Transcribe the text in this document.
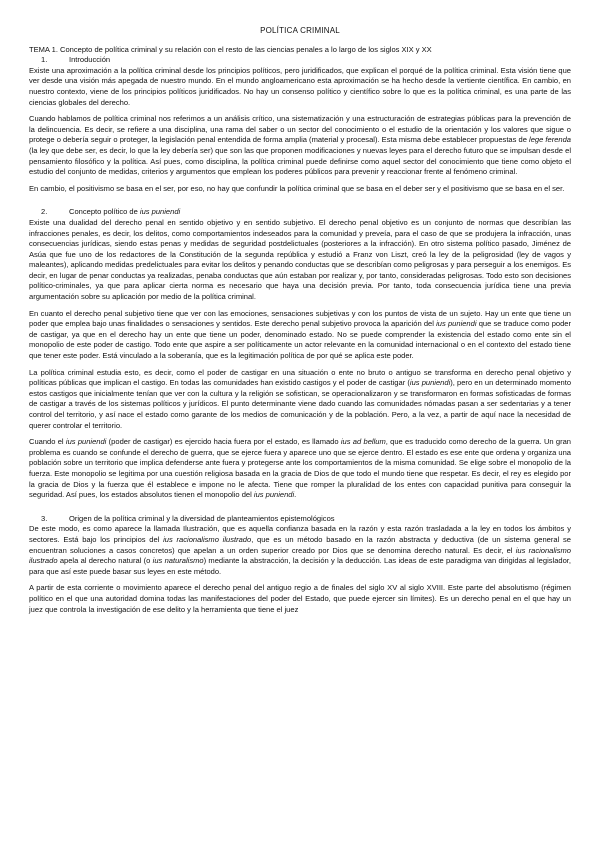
POLÍTICA CRIMINAL
TEMA 1. Concepto de política criminal y su relación con el resto de las ciencias penales a lo largo de los siglos XIX y XX
1.	Introducción

Existe una aproximación a la política criminal desde los principios políticos, pero juridificados, que explican el porqué de la política criminal. Esta visión tiene que ver desde una visión más apegada de nuestro mundo. En el mundo angloamericano esta aproximación se ha hecho desde la vertiente científica. En cambio, en nuestro contexto, viene de los principios políticos juridificados. No hay un consenso político y científico sobre lo que es la política criminal, es una parte de las ciencias globales del derecho.

Cuando hablamos de política criminal nos referimos a un análisis crítico, una sistematización y una estructuración de estrategias públicas para la prevención de la delincuencia. Es decir, se refiere a una disciplina, una rama del saber o un sector del conocimiento o el estudio de la orientación y los valores que sigue o protege o debería seguir o proteger, la legislación penal entendida de forma amplia (material y procesal). Esta misma debe establecer propuestas de lege ferenda (la ley que debe ser, es decir, lo que la ley debería ser) que son las que proponen modificaciones y nuevas leyes para el derecho futuro que se impulsan desde el pensamiento filosófico y la política. Así pues, como disciplina, la política criminal puede definirse como aquel sector del conocimiento que tiene como objeto el estudio del conjunto de medidas, criterios y argumentos que emplean los poderes públicos para prevenir y reaccionar frente al fenómeno criminal.

En cambio, el positivismo se basa en el ser, por eso, no hay que confundir la política criminal que se basa en el deber ser y el positivismo que se basa en el ser.

2.	Concepto político de ius puniendi

Existe una dualidad del derecho penal en sentido objetivo y en sentido subjetivo. El derecho penal objetivo es un conjunto de normas que describían las infracciones penales, es decir, los delitos, como comportamientos indeseados para la comunidad y preveía, para el caso de que se produjera la infracción, unas consecuencias jurídicas, siendo estas penas y medidas de seguridad postdelictuales (posteriores a la infracción). En otro sistema político pasado, Jiménez de Asúa que fue uno de los redactores de la Constitución de la segunda república y estudió a Franz von Liszt, creó la ley de la peligrosidad (ley de vagos y maleantes), aplicando medidas predelictuales para evitar los delitos y penando conductas que se describían como peligrosas y para perseguir a los enemigos. Es decir, en lugar de penar conductas ya realizadas, penaba conductas que aún estaban por realizar y, por tanto, consideradas peligrosas. Todo esto son decisiones político-criminales, ya que para aplicar cierta norma es necesario que haya una decisión previa. Por tanto, toda consecuencia jurídica tiene una previa argumentación sobre su aplicación por medio de la política criminal.

En cuanto el derecho penal subjetivo tiene que ver con las emociones, sensaciones subjetivas y con los puntos de vista de un sujeto. Hay un ente que tiene un poder que emplea bajo unas finalidades o sensaciones y sentidos. Este derecho penal subjetivo provoca la aparición del ius puniendi que se traduce como poder de castigar, ya que en el derecho hay un ente que tiene un poder, denominado estado. No se puede comprender la existencia del estado como ente sin el monopolio de este poder de castigo. Todo ente que aspire a ser políticamente un actor relevante en la comunidad internacional o en el contexto del estado tiene que tener este poder. Está vinculado a la soberanía, que es la legitimación política de por qué se aplica este poder.

La política criminal estudia esto, es decir, como el poder de castigar en una situación o ente no bruto o antiguo se transforma en derecho penal objetivo y políticas públicas que implican el castigo. En todas las comunidades han existido castigos y el poder de castigar (ius puniendi), pero en un determinado momento estos castigos que inicialmente tenían que ver con la cultura y la religión se sofistican, se operacionalizaron y se transformaron en formas sofisticadas de formas de castigar a través de los sistemas políticos y jurídicos. El punto determinante viene dado cuando las comunidades nómadas pasan a ser sedentarias y a tener control del territorio, y así nace el estado como garante de los medios de comunicación y de la población. Pero, a la vez, a partir de aquí nace la necesidad de querer controlar el territorio.

Cuando el ius puniendi (poder de castigar) es ejercido hacia fuera por el estado, es llamado ius ad bellum, que es traducido como derecho de la guerra. Un gran problema es cuando se confunde el derecho de guerra, que se ejerce fuera y aparece uno que se ejerce dentro. El estado es ese ente que ordena y organiza una población sobre un territorio que implica defenderse ante fuera y protegerse ante los comportamientos de la misma comunidad. Se elige sobre el monopolio de la fuerza. Este monopolio se legitima por una cuestión religiosa basada en la gracia de Dios de que todo el mundo tiene que respetar. Es decir, el rey es elegido por la gracia de Dios y la fuerza que él establece e impone no le afecta. Tiene que romper la pluralidad de los entes con capacidad punitiva para conseguir la seguridad. Así pues, los estados absolutos tienen el monopolio del ius puniendi.

3.	Origen de la política criminal y la diversidad de planteamientos epistemológicos

De este modo, es como aparece la llamada Ilustración, que es aquella confianza basada en la razón y esta razón trasladada a la ley en todos los ámbitos y sectores. Está bajo los principios del ius racionalismo ilustrado, que es un método basado en la razón abstracta y deductiva (de un sistema general se encuentran soluciones a casos concretos) que apelan a un orden superior creado por Dios que se denomina derecho natural. Es decir, el ius racionalismo ilustrado apela al derecho natural (o ius naturalismo) mediante la abstracción, la decisión y la deducción. Las ideas de este paradigma van dirigidas al legislador, para que así este puede basar sus leyes en este método.

A partir de esta corriente o movimiento aparece el derecho penal del antiguo regio a de finales del siglo XV al siglo XVIII. Este parte del absolutismo (régimen político en el que una autoridad domina todas las manifestaciones del poder del Estado, que puede ejercer sin límites). Es un derecho penal en el que hay un juez que controla la investigación de ese delito y la herramienta que tiene el juez
